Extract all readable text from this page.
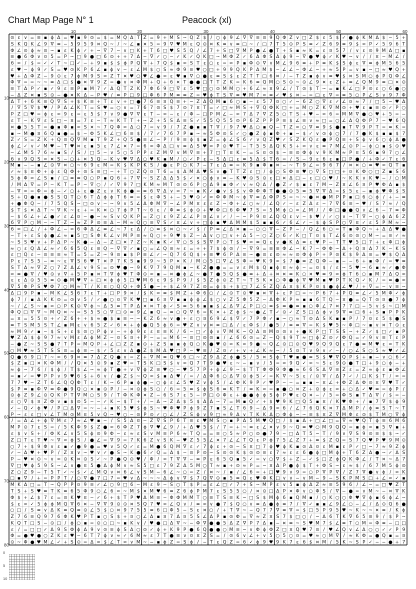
Chart Map Page N° 1	Peacock (xl)
⊙ ε ∨ = ≡ ▪ ϕ Δ = ♥ ▪ 9 ⊙ = $ = M Q Δ T Z = 9 + M S ~ Q Z $ / ○ ϕ 9 ∠ ∇ ∇ ≡ ⊙ 9 Q Φ Z ∨ □ Z $ ε 5 $ ✓ ● ϕ K M Δ $ − 5 +
S K Q K ∠ 9 ∇ ≡ − 5 9 5 9 ¤ Q ~ / ~ ∠ ▪ ¤ 5 = 9 ∇ ♥ M ε Q ⊙ ¤ K ≡ ∨ ≡ □ ~ / □ 7 T 5 ⊙ P S ≡ ✓ Z 6 9 ≡ 9 $ ≈ P ✓ 5 9 6 T
Φ ∠ ⊙ ϕ ≈ ⊙ ~ ▪ ε K ϕ ✓ + ~ ∇ 7 − ∨ □ K + T 6 □ ♥ S 5 Q / ∠ 7 + S □ ∇ M P ● ∠ ● T + S ▪ ≈ K = ε ¤ 5 7 / ∨ ε ⊙ 9 M Δ □ ▪
≡ ● 6 Φ ∨ ¤ 5 = P ~ □ 9 ● □ 6 ⊙ + + 7 Δ − ∇ ✓ ○ − ✓ K ✓ Q K □ ~ M Φ Z ✓ 6 Δ Φ S Δ ϕ 9 − ∇ ● ♥ ϕ ✓ K ♥ ~ ∨ / / ¤ − M ∠ /
6 ≈ / $ = ✓ ✓ T ~ □ ✓ − + 9 ▪ $ $ ϕ P Q ∇ + 7 Q $ ▪ ≈ S T ε ○ ε = ≈ P ▪ Φ ⊙ ∇ ∨ M ∠ 9 6 ≡ + P ≡ K $ S ϕ ε ∇ ≡ ϕ M 5 6 5
ε ♥ − ϕ 9 ✓ S = ♥ ⊙ K P 6 ∠ ▪ ϕ ∨ − ε ∠ M $ ○ S ≈ Φ 9 ≡ ♥ ○ □ + 9 9 Q K P Δ M $ − ∠ ∠ − Φ ∠ ~ + ≈ 5 P = ∨ ▪ ~ □ ≈ ♥ Q +
♥ + Δ Φ Z − 9 ⊙ ε 7 ϕ M 9 S ≈ Z T ¤ ♥ ○ ♥ ∠ ● ≈ ε ♥ ▪ ∇ ○ ● ε ≡ S $ ε Z T T □ 6 ¤ / − T Z ▪ ϕ ∨ ≡ ♥ $ ¤ S M ○ ϕ P Q Φ ∠
Φ ∇ = = ~ ~ ≡ Δ □ $ ● ¤ ∇ 9 Z = ● ∨ ¤ Φ M + Q + 6 ¤ T ● ● □ T T Z K = K 6 ≡ Q M ○ S ⊙ ~ ⊙ ∠ 9 ¤ ε Z + ≡ ∠ Q M 9 ≡ □ ¤ ⊙
≡ T Δ P ✓ ▪ ✓ 9 ε ≡ P ▪ M 7 ✓ Δ Q T Z K 7 Φ 6 9 □ ∇ ε 5 ♥ □ ○ ⊙ M M ○ + 6 ∠ ≈ ¤ 9 ∠ / T ⊙ $ T ~ = ▪ K ∠ □ P ⊙ ε ○ 6 ● ○
− Δ Z ¤ ▪ S ⊙ − ● ¤ K Δ − P ♥ / ≡ P □ 9 □ Φ 6 P M ≡ ≡ Z = ♥ ϕ T S ∇ ≡ ♥ M 7 ≈ ≡ ✓ ♥ $ ¤ − = □ ε ∇ = ≡ 5 ○ P ∠ S ∨ 9 7 Φ
Δ T + 6 K ≡ Q ∇ S + $ K ≡ + T ε ∨ + □ ● 7 6 ≡ ¤ Q ≡ + ~ Z Δ Q M ▪ 6 ○ ▪ − ε 5 7 ¤ ○ ✓ ~ 6 Z ○ ∇ ε ✓ ∠ ¤ ≈ 7 / □ 5 ~ ♥ Δ
/ ∇ 5 ∇ $ ♥ / P Δ ∠ K T = S ♥ = ○ ∨ = 7 6 7 ⊙ S $ 7 ⊙ 7 ¤ T = ✓ □ ≈ M S + ∇ Q Φ K □ + = M ○ Z K ∇ M ⊙ + ♥ ε ▪ ≡ ⊙ ✓ P ○
P Z □ ♥ = ϕ ε ≈ 9 ε = ε 5 $ 7 ∨ 9 ● ∇ ∇ ε T − ≈ − ε / Φ − □ P M ∠ − ≈ 7 Δ 7 ∇ Z 5 ○ T S + ♥ − ≈ 6 = M M ∇ ● ○ ♥ + 5 = −
ε T − K ∇ ε S □ − ¤ = 7 ε − T ≈ K T T + ~ Z + 5 S Δ ≡ S ✓ 5 5 Q 5 5 ⊙ P 6 Z P P P ≡ $ ∠ ≡ ∨ ≈ □ = ○ ∠ Δ Q Φ P 7 − ♥ 6 Q
¤ ● 5 5 T = ● ▪ Φ ▪ ≈ S ¤ ~ 7 Q Φ ≈ Δ ○ 7 = ∨ 9 / 7 Z ● ▪ ▪ T ∇ / 9 7 ♥ Δ ○ ▪ Q − T Z ≈ ○ ∇ ≡ 9 $ ● ▪ T ∇ 9 P T = ≡ K =
▪ ~ M ● ¤ 6 Q ▪ ● = $ − Φ 5 K ∠ □ 6 ≡ $ / 7 ✓ 7 6 7 P ▪ ~ ≈ 5 Φ ⊙ S ✓ ○ ● Z ϕ ▪ Φ + ▪ ~ $ ✓ ∨ ⊙ ϕ ○ 7 / 7 ● K $ ▪ ▪ $ 7
Z ✓ S = Z K + Q ⊙ Q ∇ M ▪ T 9 Z + Q 5 ● ≡ ∠ ~ P / 9 ≡ ϕ $ ▪ Z = ϕ ∠ S 6 ✓ ∨ Q Z ♥ ✓ S Z K Q ε ● P Q ≡ + S ϕ ∨ 6 ○ ϕ Δ ●
ϕ ∠ ✓ ∨ ✓ M ♥ − T ♥ ¤ ε ▪ 5 ε 7 ∠ ¤ 7 = 6 ≈ Φ Δ □ ∨ ≡ Δ S ♥ ≈ P ⊙ ♥ T − T 5 S Δ Q K S + ≈ ∨ ε ≡ 7 M ∠ ⊙ P − ϕ ○ ▪ $ ⊙ ♥
− ∠ M 5 7 6 ≈ ▪ S / S / □ 5 − ∨ 5 ○ 5 P P ε Z M ∇ ∨ M ∇ ≡ + 7 □ T ¤ K − = S ¤ ⊙ $ ~ ≡ ⊙ Φ ϕ ∨ 9 K M ≈ P ¤ 5 6 ▪ 9 7 ○ ∠
6 ∨ 9 Q S ≈ ¤ S − ○ + ¤ 5 Q − K ∨ ♥ ∇ Δ ○ ♥ K ▪ M / ○ ✓ P ε − S Δ □ ε ≡ 5 Δ $ T 6 = / S − 9 ε 6 ε ▪ □ P ● / + Φ ✓ 7 ε 6
M ▪ − − ▪ ∠ ⊙ ∇ ¤ ○ ~ 6 9 ε M = K $ K P K S / ● ε P ○ K 7 − 7 ε Δ ≡ = K 9 ▪ Φ ▪ ¤ − ~ T 9 ∠ = 9 6 7 / ¤ ¤ ○ ≡ ♥ ≈ Q T ▪
✓ ≈ $ ¤ Φ + ϕ ε Q Φ + ⊙ S ≡ □ − + T ○ Z Q ¤ T 6 = $ Δ M Δ ♥ S ∨ ● T T Z ε □ / ϕ ○ S Φ ≡ ♥ ○ ∇ S □ □ + ¤ K Φ ○ □ Z ▪ S 6
5 ϕ Φ ≈ ∠ S ▪ / □ ≡ ≡ Q ○ P ▪ Q 6 + 7 ∇ ~ S Z Δ Δ 5 $ ✓ ¤ ○ ϕ ∨ ≡ − K ♥ ⊙ S ⊙ ε □ ¤ Δ □ − ε □ ○ ♥ / ~ K K ∨ K ♥ − / ○ M
/ M Δ ∇ = P − K T = P − ∇ ○ / ✓ ∇ 9 7 □ K M ≈ M T ⊙ ⊙ 6 P ○ Δ 9 ▪ Φ ✓ ∨ ≈ Q Δ / ● Z ✓ $ ▪ ε 7 M ~ Z ¤ ∠ 6 ¤ P ♥ Φ Δ ▪ $
− ∇ ≈ = Φ = ϕ − ✓ ○ + ε ● Z ε ∨ K ϕ ● = ≡ 6 ∇ Δ ∨ ≈ 7 ~ ▪ K ✓ ● ∨ $ $ ∨ Φ Φ Φ T ● ● ⊙ 5 ≡ 5 ∇ ∇ Δ = $ 5 ε − ▪ ϕ ♥ Φ $ S
S + Q ● ▪ ● S S Q T ○ 6 T Δ ϕ ϕ T 6 ≡ = $ ε Φ S + − 5 ♥ ⊙ ✓ ≈ Φ Φ M ~ ϕ ∇ ≡ Δ Φ P S = ~ ~ ● ¤ ● M P P ▪ □ 6 ○ ϕ / + − ≡
+ ● Φ Q − / 7 5 Q S ~ □ ⊙ ∨ − ~ 9 ∨ 5 ∠ Δ Φ M ∇ ~ ∠ P M ¤ ε ε Z ~ Φ + ∠ ○ ≈ / ∠ Q ✓ − ε Z Δ ε − 7 ∇ 6 ≡ ~ ♥ / S 7 ≈ / Q
$ T $ ¤ Δ T ~ ∇ K ~ ε + = K ¤ ○ 7 ϕ P T ~ 6 ε / Φ ≡ $ ϕ ⊙ + ♥ Φ □ 6 Φ ♥ 7 S = 5 M ϕ ○ ≈ ∠ M / / Φ □ ● ● Q ∨ ∠ 6 − 7 ≡ Φ
− $ 6 ∠ + ∠ ● ✓ ε ∠ ¤ − ● ~ ≈ S ∨ Q K P = Z ○ ε 9 Z ∠ ∠ P ¤ ∠ ∨ ✓ / − ~ P 9 ¤ ∠ Q Q ε ∨ − $ ♥ / ✓ ○ ∨ ~ T ∇ ~ ○ ϕ Δ 6 Z
6 ∇ P ○ M − ~ T Z ~ ≈ Z P ⊙ ≡ Δ − M ≈ Q ○ ≡ ∇ S ✓ ¤ ∠ ∨ + □ ϕ ▪ ♥ Δ M M $ 5 ▪ ▪ 6 ✓ 6 ∠ ✓ − $ ϕ S P ○ ∇ ¤ ✓ ε 5 P M ≈ ~
6 ≈ □ ∠ / + Φ ∠ − ≈ 6 Φ Δ ∠ ≡ ∠ ~ 7 ε Δ / ○ ≡ $ ¤ ○ ~ ✓ $ / P ≡ ∠ Δ ¤ ▪ − ○ ○ ∇ − Z P − / Q ∠ 6 ○ = T ▪ Φ Q ~ + Δ Δ ♥ ●
− T + ε S ϕ ● ∠ ≈ ▪ 5 □ S Φ K ∠ ∨ M P ≡ ≈ Q ○ + 9 ♥ $ Z − Δ ∨ ○ □ ∨ + Δ 5 − ○ Z ○ 6 ✓ K □ T ¤ $ T ∠ 6 ⊙ ⊙ ○ M ~ = ≡ ✓ ≈
~ S S ♥ ∨ + P Δ P ~ K ● − Δ − Z □ ¤ 7 Z ~ K ▪ K ✓ ∇ ○ S $ S ∇ P ○ T $ ♥ ≈ ≡ Q ε ∨ ● K Δ ≡ ε ♥ P − T T ♥ 5 □ 7 + ε Φ □ ϕ
≈ ○ ε Q Δ ∠ ≈ ✓ 6 6 5 Q ε ≡ Q − ∇ ∇ ✓ ▪ ○ = ∠ Q ≡ ≈ ε = + + 7 $ ϕ ⊙ / − ∇ 9 = ≡ ≡ Φ ∠ ~ K 7 − Φ Φ ~ Δ + Q ¤ Δ 7 K − K S
ε □ Q ε − ⊙ ≡ ≡ ≈ T = 5 = Z ~ 9 ⊙ ▪ $ P ≡ ∠ ✓ ~ Q 7 6 Q $ + ≡ ♥ 6 P Δ ≡ ~ ● ⊙ ε ⊙ ≈ ≈ ⊙ Φ ϕ P + P ⊙ K $ 9 Δ ≡ = ♥ $ Q Δ
P ε 7 S 5 − ≡ ~ ε ∇ S 6 ♥ T ¤ P 7 K S ▪ 9 9 ~ 5 P ¤ K / M ○ 5 □ ∇ ∠ S Φ = ♥ K 9 ≈ $ 7 ● ≡ Z Q Φ − ▪ − − 6 + ▪ Φ / = ♥ ≡
S T Δ ≈ ∇ Z ○ 7 Z Δ ∠ ∨ 9 S = ⊙ ♥ ● ~ 9 K ∇ 7 9 Q M ▪ ~ K Z ● ● = = ∨ ε M $ Q ▪ ϕ ¤ ≈ ϕ − = ¤ $ / ε ~ 5 ♥ ~ 6 ▪ ≈ ✓ ● Φ
≈ ≡ ● ∇ / ♥ ⊙ ∨ ∇ + 5 P ▪ ¤ T ∇ ϕ ♥ T Φ ⊙ ≈ ▪ − ¤ ● ϕ ∠ ~ ● 7 ● 5 Q $ ● ≡ + Δ + ¤ ¤ ≡ K ○ ¤ ♥ ≡ 9 ≈ ϕ T 6 ○ ▪ M 7 Δ Q ≈
ε ε Δ ⊙ 5 5 ≡ ⊙ ● M ♥ ∇ + □ ¤ ϕ ϕ 5 □ ♥ M 6 ε 9 $ P 9 / $ 5 Z ϕ ⊙ Z T ~ T S K ¤ ○ Φ ● ϕ ∇ ♥ M ▪ ♥ P T K Q ✓ K / = ≡ ● ≈
∇ 5 Φ P S ♥ Φ 7 ○ M ≈ T / K ¤ ○ Q Q + Φ 5 ● ~ + $ ∠ 9 7 Z ⊙ = ϕ $ + $ □ 7 ∠ S Z Q Δ ¤ $ K P ¤ $ ● ϕ ∠ ♥ / + ∇ = − ∨ ≡ ~
Δ □ 9 P ▪ − M K ∠ S 6 7 ε T + □ P 9 ¤ / $ K ≈ ≡ $ M Z + Φ 6 ○ / ∠ ⊙ T ⊙ ♥ ▪ ¤ ∇ + ε P □ = ~ P 6 7 + P Q ≡ ∠ ✓ 5 M Φ ✓ ϕ
ϕ 7 / ▪ Δ K K ⊙ = ⊙ ∨ 5 / ✓ ● ○ ¤ ∇ K ♥ □ ▪ 6 ¤ ∇ ▪ ▪ ϕ ϕ ∠ $ ○ ∨ Z 5 Φ 5 Z − Δ Φ K P ≈ ▪ ▪ 6 T Q − ¤ ● = Q T ⊙ ¤ ● 7 ϕ
~ / ∠ S ~ ▪ ≈ ○ P K ⊙ ∇ ϕ ~ Δ 5 ≡ T P Δ ¤ ¤ T ϕ ✓ S ≡ 5 6 ▪ ▪ $ ∠ Δ ∇ ∠ P □ ○ ≡ $ ≡ ● ≡ ▪ ○ Φ ∠ 7 ¤ 7 7 □ − 5 ∨ $ ~ □ M
Φ Q □ ∇ ∇ ~ M Q ¤ ~ = S 5 S ○ ∇ □ ⊙ ≡ 9 ∠ ▪ Q − ≡ ○ Q ∇ 6 = K ¤ + Z ϕ $ ~ ● ∠ T ✓ ⊙ ✓ Z S □ Δ ϕ ∨ 9 ∇ ≡ □ 6 + S ▪ P P K
= ¤ = 5 5 ¤ + ✓ Z 6 + + $ ≈ ● $ ▪ ≡ ~ ~ K Z 6 ≈ ∨ ● + ε ○ ¤ 6 9 ∠ $ ∇ ✓ 7 P Φ ✓ ▪ ~ ○ ≈ T ⊙ Δ S K ▪ ▪ P / 7 ¤ ε 5 $ ● S
≡ T S M 5 S T ∠ ▪ M ε ∨ 6 5 Z ✓ 6 ¤ + ϕ ● Q 5 ϕ 6 = ♥ Z ∨ ∨ ¤ ≡ □ Δ / ε Φ $ / ● 5 / ≡ ≡ ∇ = K $ ♥ 5 ~ Φ □ ~ ▪ ∨ ¤ T ⊙ ε
≈ M 9 ✓ ▪ − $ S + ε $ ⊙ ○ P ϕ ∨ − + ϕ 9 ε ε ¤ ≡ K / 6 − □ ✓ ϕ ∨ ∇ M K ~ Q Δ ⊙ M ¤ ⊙ ∨ + ● K P □ T S S ~ + Z ✓ $ □ ✓ ▪ P
♥ Z Δ $ ϕ 9 7 ≈ ∨ M ε Δ ϕ M Z − ¤ S ¤ + P − = = M 6 ~ ⊙ □ ⊙ ⊙ ▪ / ∠ 6 6 ⊙ = Z − Q $ 9 T ≈ □ ϕ Z ⊙ ✓ Φ Q = ✓ 9 ∨ ≡ T ε P
− ● Z ~ S S ● 7 T P = M Q P + ∠ □ Z Z ▪ ⊙ + Z S ▪ ▪ ϕ Q ○ K ● ♥ ⊙ ≈ K ≈ 9 ● ~ Q ∠ ⊙ □ ⊙ Q ♥ 9 Q 9 Q ε 7 ● ≡ M ♥ ε ≈ T K
○ M ♥ ≈ 5 T S S ⊙ = ϕ ≡ − $ ✓ 5 ε ∨ Δ ● Z $ M Δ ♥ □ P − ♥ ≡ / Z ¤ ✓ + ∨ + ∠ K ≈ ~ / 5 ¤ T ∨ 9 ∨ ✓ − / ○ ∠ S ○ 5 ≈ ♥ ✓ ∠
Q ● 6 9 □ 7 ~ ≈ 6 9 ¤ ≡ 7 Δ Z Q ● ∨ = Z + ∇ M ≡ Q ♥ 6 □ ~ Z 9 Δ Z ϕ ● S / 5 ¤ S ϕ T ♥ ▪ ● ≡ S $ ♥ ∇ Q P $ + ▪ − ∨ ○ 6 ✓
$ Z ▪ □ ¤ K Φ M / / Q ¤ 5 ⊙ 9 ▪ Z ♥ = T S K □ S $ ∨ ≈ Q 7 T 9 ● ♥ ε ~ − ▪ ∨ / 5 = ≈ 9 Q ✓ ≈ ~ S ε 9 ⊙ ● T □ + 9 ○ ϕ − +
≈ ϕ ~ 7 6 / $ ϕ / T $ ∠ ~ ≈ ϕ T ● + ∨ ∇ ϕ Z ≡ ♥ ○ − ♥ 5 7 P + ϕ ∠ 9 ~ $ T T Φ Φ 9 Φ ● ≈ 6 6 S Δ ∇ ≡ Z ε = Z ≈ ϕ ε ▪ Φ ∠
= ▪ ✓ = ♥ P P ∨ 9 ♥ 6 $ + 6 ∨ / ● Z $ ~ Q ≈ $ ▪ Δ ♥ / = / Δ Φ 6 ○ Δ ∇ ⊙ ϕ S ✓ = K ∇ ~ S ε / ⊙ ∇ / Δ 7 ✓ / □ K $ T / ≈ =
7 7 ♥ − Z T 6 ∠ Q Q Φ T ε / K ~ 6 P ▪ ϕ ● − ○ ϕ ε ∠ 5 ♥ Z ∨ ϕ 5 / ∠ Φ K 9 P ✓ ♥ P − − = ▪ ▪ − ¤ ∠ + Φ Z Δ Φ ⊙ ¤ ∇ ♥ T ✓
$ P ≡ ▪ Φ ∇ ≡ Φ ● 9 Q ○ ¤ ▪ ⊙ P / − ¤ ⊙ ϕ S ○ / 6 = 5 ≡ $ ϕ S 6 ≡ K T / ≡ K ≈ = ▪ ● ○ ¤ Z + ⊙ ϕ ε ≈ + ○ Δ ✓ ♥ ≡ = ϕ P /
⊙ ϕ Z 9 ∠ ⊙ Q K P T ∇ M ○ S 9 / T Φ K Φ ¤ Z − 6 S 7 ε 5 − P □ ⊙ Φ ε + ● ● ϕ ϕ S ϕ P ♥ ε Q ¤ − / 5 = Φ S ▪ T Δ ∇ / $ = −
ε ○ ∇ $ ¤ Z Φ ∨ ▪ $ ⊙ 5 − − ✓ K ~ $ T + / − Δ ~ Z Δ $ 5 $ Δ Δ ~ 7 = M ▪ Q ✓ + $ ♥ 9 K □ Q 5 ▪ ¤ / K ♥ Φ + / ▪ 7 ∇ $ ϕ 9
✓ − Q ✓ ϕ ♥ / P □ Δ ∇ = ~ − + ▪ K 5 ♥ $ ϕ S ~ ♥ Φ ♥ P ϕ 9 Z 7 ▪ S ∠ T 6 9 − Δ 9 ≈ 6 / ∠ 7 6 Q K ¤ 7 Δ M P / ϕ ≡ S T ~ T
P ~ ε ε □ ∨ ∠ T M ⊙ M ¤ 5 ∨ Q ~ ♥ ○ − ⊙ P ⊙ ✓ ○ ∠ / Z S ϕ ∨ 9 □ ≈ 9 Δ ∨ T K K Δ ○ Φ ϕ ~ ~ ≡ $ ¤ Z ∇ M Φ ε ⊙ $ T M ○ ∇ ϕ
/ = Δ ∠ + ϕ ∇ M ε 7 ≈ ∠ ♥ ▪ − / S 5 Δ ¤ − Z ∇ S P 6 T ≡ ε ♥ M S ○ ▪ P Δ 5 M ♥ Q □ / $ ▪ Δ + □ ∠ □ = ∇ ≈ ♥ Q T ϕ ≡ 6 M 6
M P ⊙ 7 ε S = / 5 K Φ 9 $ Z ● ≈ 6 Φ Z 7 ϕ ∇ ♥ ∠ 9 / + Δ ♥ 5 $ / 7 = + ~ ≡ ε ∠ ¤ ∨ 9 ~ Q ≡ ♥ ○ M 9 Q Q = ▪ ϕ ≈ ▪ 5 ∇ ▪ +
ε $ ∨ S + / Φ K ∠ ∨ 5 S ϕ ⊙ 9 Φ − ε ≈ ε S ∨ M ≡ P 6 ≈ T Q = = ≡ ○ 5 ≈ P ○ ⊙ ● 7 9 − □ Δ T 5 ~ T / 9 ∨ ∇ S 9 ⊙ ≡ $ $ ~ ✓
Z □ T ε T ♥ ~ ∇ ≈ ϕ S / ● ∠ = ∇ 9 = 7 K 6 Z ∨ S K − ♥ Z 5 5 ∠ ¤ 7 ∠ ∠ T Q ε P ϕ 7 5 ∠ Z 7 + ≡ $ Z Q = S 7 Q ♥ P ♥ 9 M ⊙
○ 7 + $ 9 Φ ∨ ε ▪ ✓ ● 9 ● = ♥ ∨ 5 Q ✓ ε = M ● 6 Q M ∇ ε ✓ 7 ϕ ε + ⊙ − S ¤ □ 7 ϕ ♥ ϕ K ▪ ⊙ Δ ¤ ε M ▪ ε P ✓ □ ~ 7 ≈ 9 Z ϕ
✓ − Δ ♥ + ♥ P / Z ¤ ∨ ~ ♥ ∨ ✓ ● S ~ K ● 6 ✓ Q = Δ $ − ⊙ P ⊙ ~ S ⊙ ⊙ K $ ⊙ ⊙ ≡ ε 7 ≈ ε ε 6 ● ϕ □ M ϕ + T 6 Z Δ ● ~ ✓ Δ S
P − ♥ ¤ ⊙ ~ ∨ ≈ ⊙ K ¤ ⊙ S ✓ ~ P ● Q ⊙ ♥ / Φ / ≈ T ∇ ∇ − ≡ P ε 6 5 Q ▪ 5 ✓ = ∨ ○ ∇ $ + Z − ✓ $ □ Z ϕ Q K Φ ∠ / T ¤ ~ Δ 7
∇ □ ♥ ϕ 5 9 S ~ ∠ ∨ ● ¤ 5 ● Δ ϕ M ∨ ≈ S 5 □ ε 7 9 Z Δ 5 M ○ T ≈ ▪ + ⊙ ≈ P = ~ ¤ Δ P ● ϕ $ T + Φ S ~ ε ≈ $ / 6 7 M 5 ϕ ⊙
Z ○ Z 9 − T 5 T ✓ ~ $ ✓ ∠ M Q ∨ ¤ 6 ∠ ∨ S M − 6 ∠ ~ ○ = Z / ¤ ~ / ▪ / ∠ 6 = + □ ♥ 9 ∨ 9 = ○ P ∇ P ∇ / Z 7 ∇ ● ∨ ϕ / ≈ K
□ ▪ ∇ / + = P P T / ○ ∇ ● 7 □ 7 = ♥ ∨ Δ ~ ~ ~ Δ ϕ ∨ ∇ $ 7 Q ∇ ⊙ ▪ 5 ≡ Q ε ♥ Φ K □ ∨ ∨ − ∨ M − 9 − S K P M S □ + ∠ ≈ ✓ ▪
M K Δ □ = T ~ Q P P ¤ 9 ≡ ✓ ∠ ○ 9 □ 6 − M ε 9 − S ○ T $ P = ε ∠ □ ✓ 7 + S ~ M P ε ∨ 5 ▪ ϕ Δ Z ≈ ≡ 5 9 6 / ∠ − = □ ♥ Z T
T S + S ♥ ≡ T K ≡ 6 5 Φ 9 ○ ∠ 6 ≈ ~ M $ ¤ M ♥ 6 ≡ Z 6 ϕ P M 7 ε S 5 5 ○ / ¤ ⊙ □ Δ P ¤ Φ ∨ ○ Φ S / ∇ − ● = ∨ M ~ − ¤ ∇ K
Φ $ + ∠ $ 7 ε = ⊙ K ♥ ¤ − ✓ 6 + $ T P ♥ Δ M ≡ − Φ Φ M M T ○ ≡ T S ≡ K ~ □ S $ M ϕ 6 ▪ Q M ▪ / ○ K ○ ○ Φ ♥ ∇ ϕ ▪ 6 ϕ ∠ ~
$ ε ≈ ✓ 5 ϕ ϕ M Q ∇ 6 ¤ − ∇ ∇ 9 ⊙ ⊙ ¤ S Q 7 ♥ ≈ ∠ Q ∨ / ≡ ≈ ∨ ● 7 $ Q ○ ∨ ≡ Δ ● ϕ ≡ 7 / ∇ ✓ ▪ ▪ ∠ 9 ∠ ○ − ∠ / Δ ⊙ Q 6 ●
○ □ / S ≡ ∨ Δ K ≡ Q ≡ ⊙ ∠ 5 $ ○ ¤ 9 7 5 5 ≡ 6 □ Φ 5 − S ε ¤ ○ / + T ∇ ~ − Q 7 7 ∇ ≡ ∇ = $ □ 5 P 9 5 ♥ ~ K ~ ~ ¤ ≡ / K ϕ
Z 7 6 ≡ Q 9 7 6 Φ K ♥ P T ▪ ○ S $ + ¤ ○ ∠ Δ ▪ ¤ 7 Δ ¤ 5 S ∠ Δ P ▪ ⊙ Φ = ∇ ≈ Z ¤ S 7 $ □ ○ / ~ Δ 6 T K ∇ 6 5 ≡ 9 / $ P ~
K Q T □ S − ⊙ □ / ϕ ○ ▪ = ⊙ ○ □ ~ ▪ K ∨ / ♥ ● □ Δ ∇ ~ − Φ ∇ ● ● 5 Δ Z ∇ P 7 Δ ▪ − ¤ ≡ ~ S ♥ M 7 $ ∠ ≡ T ○ M = Φ ≡ − □ □
ε / = □ □ ✓ Δ 9 S Φ ϕ Δ 9 ∨ ⊙ ≡ ϕ S Δ ○ ⊙ ✓ ϕ + K 9 P ● 6 Q ● ● ○ M ≡ ~ ∨ Φ ϕ Φ Z □ ¤ Q ♥ 7 ⊙ / ♥ ∠ Q ∨ ∠ Δ ○ ○ ✓ ✓ P 9
Φ = ● ♥ ● ○ Z K ε ♥ − 6 T 7 ϕ ∨ ≈ ✓ 6 M ≈ ε 7 T ● ≡ ∨ ¤ ¤ Z S = / ⊙ 6 ∨ ∠ + ∨ 5 ○ 5 ○ ¤ = ♥ ≈ ○ M ∇ / ≈ K Φ = ● Q ▪ = ¤
⊙ ~ Φ ● ♥ M ∠ ✓ + S ⊙ = Δ ≈ $ ∠ T ≈ ∨ M ~ − ▪ ϕ Z = S ϕ / − T ε Q Z = 6 ✓ ϕ 9 ♥ 9 K 7 ε 6 $ ¤ M / 5 K ~ S P ✓ − − ● + 7
10	20	30	40	50	60
10
20
30
40
50
60
70
80
0
5
10
